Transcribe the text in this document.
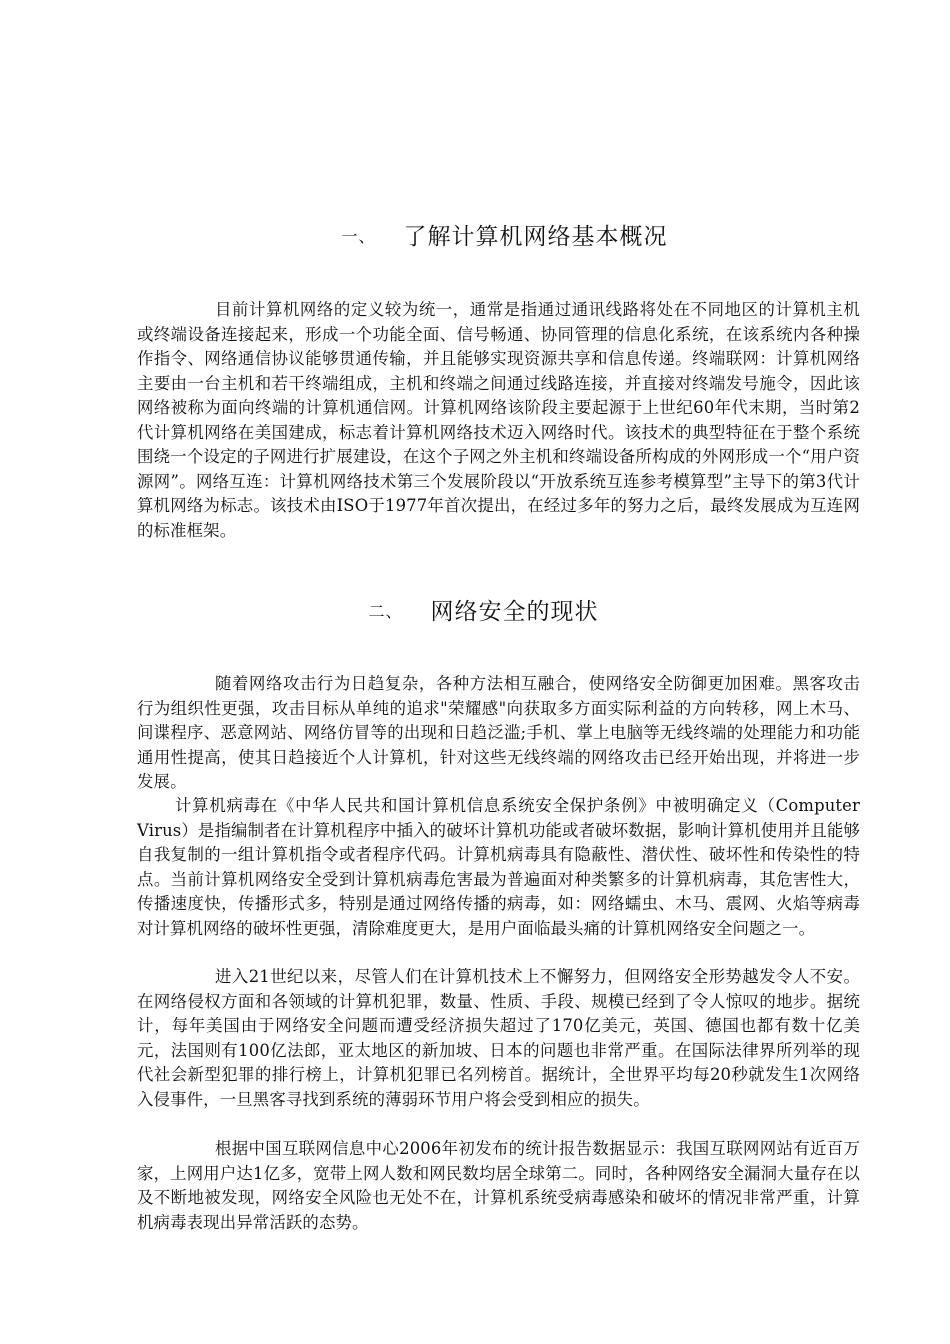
一、 了解计算机网络基本概况

目前计算机网络的定义较为统一，通常是指通过通讯线路将处在不同地区的计算机主机或终端设备连接起来，形成一个功能全面、信号畅通、协同管理的信息化系统，在该系统内各种操作指令、网络通信协议能够贯通传输，并且能够实现资源共享和信息传递。终端联网：计算机网络主要由一台主机和若干终端组成，主机和终端之间通过线路连接，并直接对终端发号施令，因此该网络被称为面向终端的计算机通信网。计算机网络该阶段主要起源于上世纪60年代末期，当时第2代计算机网络在美国建成，标志着计算机网络技术迈入网络时代。该技术的典型特征在于整个系统围绕一个设定的子网进行扩展建设，在这个子网之外主机和终端设备所构成的外网形成一个“用户资源网”。网络互连：计算机网络技术第三个发展阶段以“开放系统互连参考模算型”主导下的第3代计算机网络为标志。该技术由ISO于1977年首次提出，在经过多年的努力之后，最终发展成为互连网的标准框架。

二、 网络安全的现状

随着网络攻击行为日趋复杂，各种方法相互融合，使网络安全防御更加困难。黑客攻击行为组织性更强，攻击目标从单纯的追求"荣耀感"向获取多方面实际利益的方向转移，网上木马、间谍程序、恶意网站、网络仿冒等的出现和日趋泛滥;手机、掌上电脑等无线终端的处理能力和功能通用性提高，使其日趋接近个人计算机，针对这些无线终端的网络攻击已经开始出现，并将进一步发展。

计算机病毒在《中华人民共和国计算机信息系统安全保护条例》中被明确定义（Computer Virus）是指编制者在计算机程序中插入的破坏计算机功能或者破坏数据，影响计算机使用并且能够自我复制的一组计算机指令或者程序代码。计算机病毒具有隐蔽性、潜伏性、破坏性和传染性的特点。当前计算机网络安全受到计算机病毒危害最为普遍面对种类繁多的计算机病毒，其危害性大，传播速度快，传播形式多，特别是通过网络传播的病毒，如：网络蠕虫、木马、震网、火焰等病毒对计算机网络的破坏性更强，清除难度更大，是用户面临最头痛的计算机网络安全问题之一。

进入21世纪以来，尽管人们在计算机技术上不懈努力，但网络安全形势越发令人不安。在网络侵权方面和各领域的计算机犯罪，数量、性质、手段、规模已经到了令人惊叹的地步。据统计，每年美国由于网络安全问题而遭受经济损失超过了170亿美元，英国、德国也都有数十亿美元，法国则有100亿法郎，亚太地区的新加坡、日本的问题也非常严重。在国际法律界所列举的现代社会新型犯罪的排行榜上，计算机犯罪已名列榜首。据统计，全世界平均每20秒就发生1次网络入侵事件，一旦黑客寻找到系统的薄弱环节用户将会受到相应的损失。

根据中国互联网信息中心2006年初发布的统计报告数据显示：我国互联网网站有近百万家，上网用户达1亿多，宽带上网人数和网民数均居全球第二。同时，各种网络安全漏洞大量存在以及不断地被发现，网络安全风险也无处不在，计算机系统受病毒感染和破坏的情况非常严重，计算机病毒表现出异常活跃的态势。
